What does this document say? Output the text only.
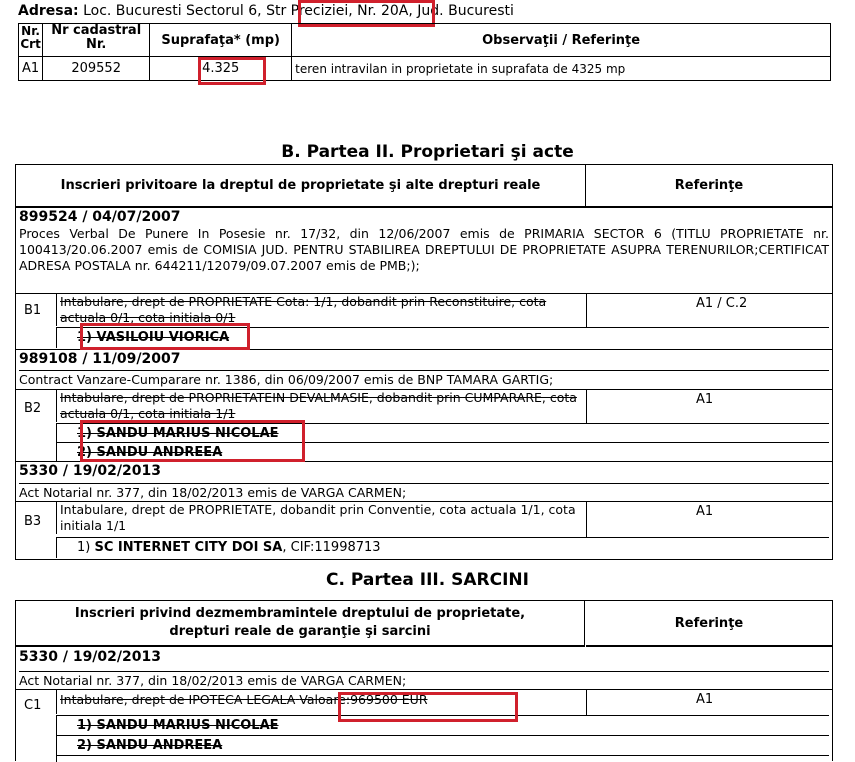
Adresa: Loc. Bucuresti Sectorul 6, Str Preciziei, Nr. 20A, Jud. Bucuresti
Nr. Crt	Nr cadastral Nr.	Suprafaţa* (mp)	Observaţii / Referinţe
A1	209552	4.325	teren intravilan in proprietate in suprafata de 4325 mp
B. Partea II. Proprietari şi acte
Inscrieri privitoare la dreptul de proprietate şi alte drepturi reale	Referinţe
899524 / 04/07/2007
Proces Verbal De Punere In Posesie nr. 17/32, din 12/06/2007 emis de PRIMARIA SECTOR 6 (TITLU PROPRIETATE nr. 100413/20.06.2007 emis de COMISIA JUD. PENTRU STABILIREA DREPTULUI DE PROPRIETATE ASUPRA TERENURILOR;CERTIFICAT ADRESA POSTALA nr. 644211/12079/09.07.2007 emis de PMB;);
B1
Intabulare, drept de PROPRIETATE Cota: 1/1, dobandit prin Reconstituire, cota actuala 0/1, cota initiala 0/1
A1 / C.2
1) VASILOIU VIORICA
989108 / 11/09/2007
Contract Vanzare-Cumparare nr. 1386, din 06/09/2007 emis de BNP TAMARA GARTIG;
B2
Intabulare, drept de PROPRIETATEIN DEVALMASIE, dobandit prin CUMPARARE, cota actuala 0/1, cota initiala 1/1
A1
1) SANDU MARIUS NICOLAE
2) SANDU ANDREEA
5330 / 19/02/2013
Act Notarial nr. 377, din 18/02/2013 emis de VARGA CARMEN;
B3
Intabulare, drept de PROPRIETATE, dobandit prin Conventie, cota actuala 1/1, cota initiala 1/1
A1
1) SC INTERNET CITY DOI SA, CIF:11998713
C. Partea III. SARCINI
Inscrieri privind dezmembramintele dreptului de proprietate,
drepturi reale de garanţie şi sarcini
Referinţe
5330 / 19/02/2013
Act Notarial nr. 377, din 18/02/2013 emis de VARGA CARMEN;
C1	Intabulare, drept de IPOTECA LEGALA Valoare:969500 EUR	A1
1) SANDU MARIUS NICOLAE
2) SANDU ANDREEA
